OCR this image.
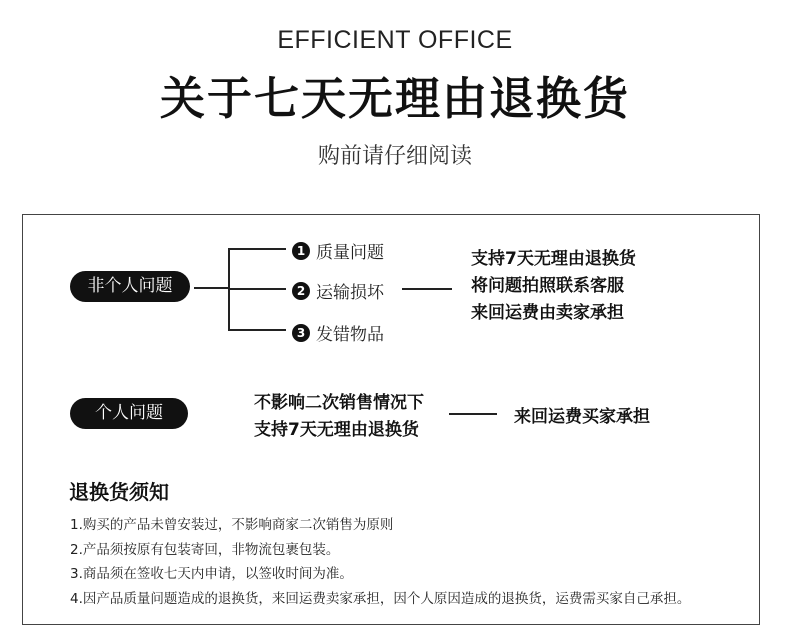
EFFICIENT OFFICE
关于七天无理由退换货
购前请仔细阅读
非个人问题
1 质量问题
2 运输损坏
3 发错物品
支持7天无理由退换货
将问题拍照联系客服
来回运费由卖家承担
个人问题	不影响二次销售情况下
支持7天无理由退换货
来回运费买家承担
退换货须知
1.购买的产品未曾安装过，不影响商家二次销售为原则
2.产品须按原有包装寄回，非物流包裹包装。
3.商品须在签收七天内申请，以签收时间为准。
4.因产品质量问题造成的退换货，来回运费卖家承担，因个人原因造成的退换货，运费需买家自己承担。
